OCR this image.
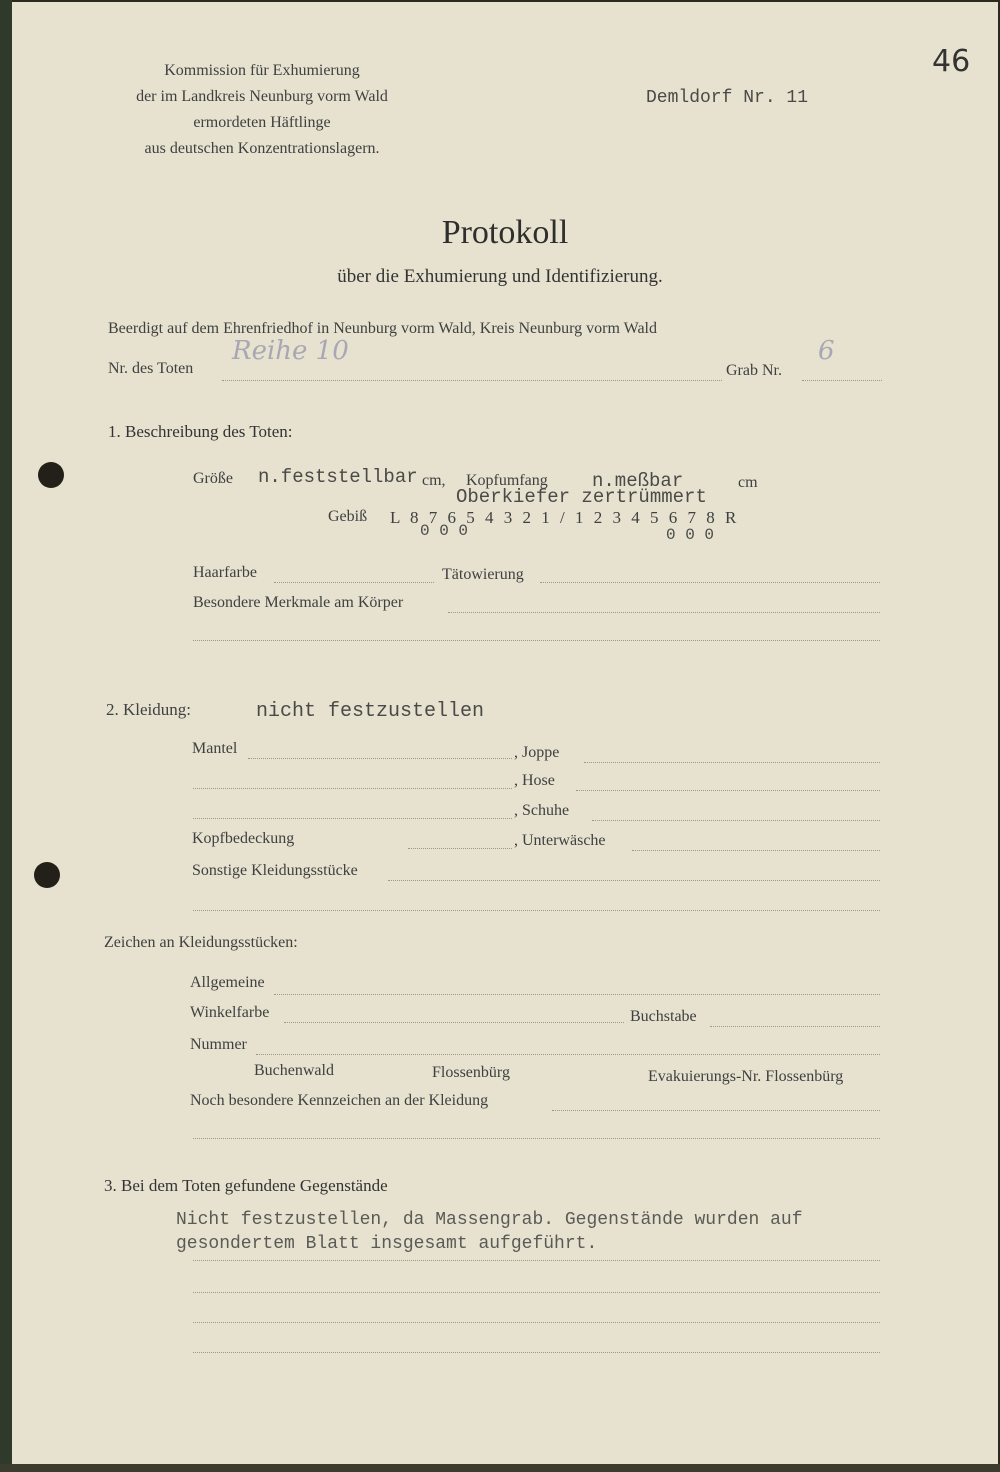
Kommission für Exhumierung
der im Landkreis Neunburg vorm Wald
ermordeten Häftlinge
aus deutschen Konzentrationslagern.
Demldorf Nr. 11
46
Protokoll
über die Exhumierung und Identifizierung.
Beerdigt auf dem Ehrenfriedhof in Neunburg vorm Wald, Kreis Neunburg vorm Wald
Nr. des Toten
Reihe 10
Grab Nr.
6
1. Beschreibung des Toten:
Größe n.feststellbar cm, Kopfumfang n.meßbar	cm
Oberkiefer zertrümmert
Gebiß L 8 7 6 5 4 3 2 1 / 1 2 3 4 5 6 7 8 R
0 0 0	0 0 0
Haarfarbe	Tätowierung
Besondere Merkmale am Körper
2. Kleidung:	nicht festzustellen
Mantel	, Joppe
, Hose
, Schuhe
Kopfbedeckung	, Unterwäsche
Sonstige Kleidungsstücke
Zeichen an Kleidungsstücken:
Allgemeine
Winkelfarbe	Buchstabe
Nummer
Buchenwald	Flossenbürg	Evakuierungs-Nr. Flossenbürg
Noch besondere Kennzeichen an der Kleidung
3. Bei dem Toten gefundene Gegenstände
Nicht festzustellen, da Massengrab. Gegenstände wurden auf
gesondertem Blatt insgesamt aufgeführt.
